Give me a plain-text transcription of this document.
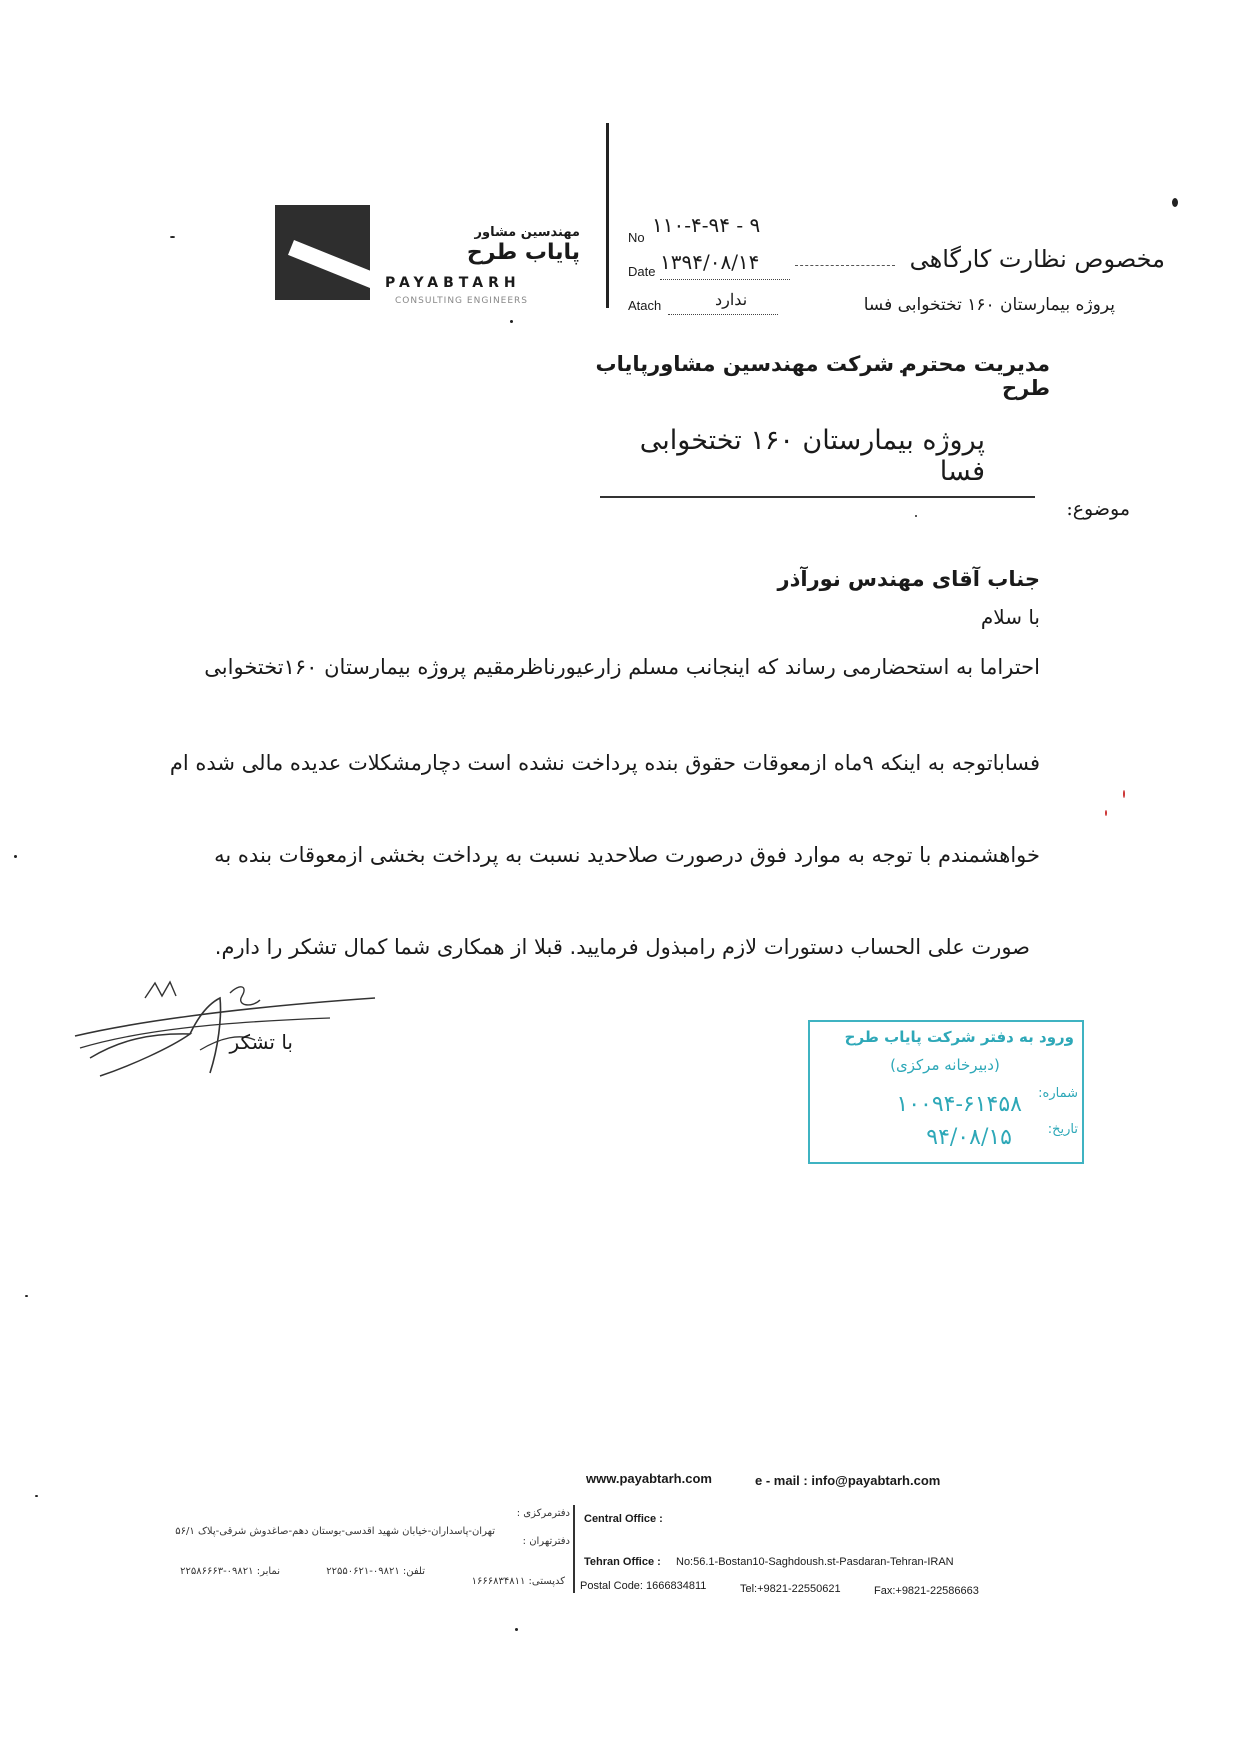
مهندسین مشاور
پایاب طرح
PAYABTARH
CONSULTING ENGINEERS
No
۱۱۰-۴-۹۴ - ۹
Date ۱۳۹۴/۰۸/۱۴
Atach	ندارد
مخصوص نظارت کارگاهی
پروژه بیمارستان ۱۶۰ تختخوابی فسا
مدیریت محترم شرکت مهندسین مشاورپایاب طرح
پروژه بیمارستان ۱۶۰ تختخوابی فسا
موضوع:
جناب آقای مهندس نورآذر
با سلام
احتراما به استحضارمی رساند که اینجانب مسلم زارعیورناظرمقیم پروژه بیمارستان ۱۶۰تختخوابی
فساباتوجه به اینکه ۹ماه ازمعوقات حقوق بنده پرداخت نشده است دچارمشکلات عدیده مالی شده ام
خواهشمندم با توجه به موارد فوق درصورت صلاحدید نسبت به پرداخت بخشی ازمعوقات بنده به
صورت علی الحساب دستورات لازم رامبذول فرمایید. قبلا از همکاری شما کمال تشکر را دارم.
با تشکر	ورود به دفتر شرکت پایاب طرح
(دبیرخانه مرکزی)
شماره:
۱۰۰۹۴-۶۱۴۵۸
تاریخ:
۹۴/۰۸/۱۵
www.payabtarh.com	e - mail : info@payabtarh.com
دفترمرکزی : Central Office :
تهران-پاسداران-خیابان شهید اقدسی-بوستان دهم-صاغدوش شرقی-پلاک ۵۶/۱
دفترتهران :
Tehran Office : No:56.1-Bostan10-Saghdoush.st-Pasdaran-Tehran-IRAN
نمابر: ۰۹۸۲۱-۲۲۵۸۶۶۶۳	تلفن: ۰۹۸۲۱-۲۲۵۵۰۶۲۱
کدپستی: ۱۶۶۶۸۳۴۸۱۱ Postal Code: 1666834811	Tel:+9821-22550621	Fax:+9821-22586663
